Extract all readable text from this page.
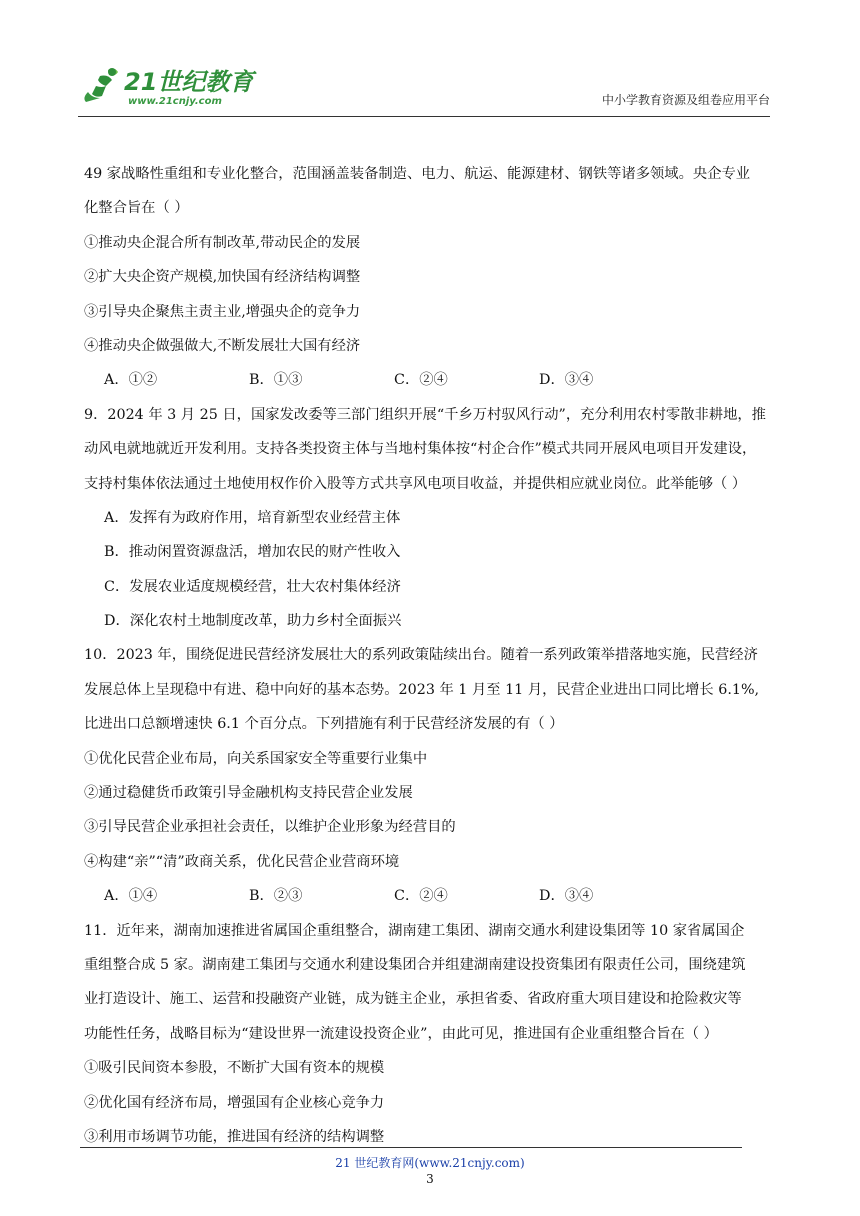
21世纪教育
www.21cnjy.com	中小学教育资源及组卷应用平台
49 家战略性重组和专业化整合，范围涵盖装备制造、电力、航运、能源建材、钢铁等诸多领域。央企专业
化整合旨在（ ）
①推动央企混合所有制改革,带动民企的发展
②扩大央企资产规模,加快国有经济结构调整
③引导央企聚焦主责主业,增强央企的竞争力
④推动央企做强做大,不断发展壮大国有经济
A．①②	B．①③	C．②④	D．③④
9．2024 年 3 月 25 日，国家发改委等三部门组织开展“千乡万村驭风行动”，充分利用农村零散非耕地，推
动风电就地就近开发利用。支持各类投资主体与当地村集体按“村企合作”模式共同开展风电项目开发建设，
支持村集体依法通过土地使用权作价入股等方式共享风电项目收益，并提供相应就业岗位。此举能够（ ）
A．发挥有为政府作用，培育新型农业经营主体
B．推动闲置资源盘活，增加农民的财产性收入
C．发展农业适度规模经营，壮大农村集体经济
D．深化农村土地制度改革，助力乡村全面振兴
10．2023 年，围绕促进民营经济发展壮大的系列政策陆续出台。随着一系列政策举措落地实施，民营经济
发展总体上呈现稳中有进、稳中向好的基本态势。2023 年 1 月至 11 月，民营企业进出口同比增长 6.1%,
比进出口总额增速快 6.1 个百分点。下列措施有利于民营经济发展的有（ ）
①优化民营企业布局，向关系国家安全等重要行业集中
②通过稳健货币政策引导金融机构支持民营企业发展
③引导民营企业承担社会责任，以维护企业形象为经营目的
④构建“亲”“清”政商关系，优化民营企业营商环境
A．①④	B．②③	C．②④	D．③④
11．近年来，湖南加速推进省属国企重组整合，湖南建工集团、湖南交通水利建设集团等 10 家省属国企
重组整合成 5 家。湖南建工集团与交通水利建设集团合并组建湖南建设投资集团有限责任公司，围绕建筑
业打造设计、施工、运营和投融资产业链，成为链主企业，承担省委、省政府重大项目建设和抢险救灾等
功能性任务，战略目标为“建设世界一流建设投资企业”，由此可见，推进国有企业重组整合旨在（ ）
①吸引民间资本参股，不断扩大国有资本的规模
②优化国有经济布局，增强国有企业核心竞争力
③利用市场调节功能，推进国有经济的结构调整
21 世纪教育网(www.21cnjy.com)
3
